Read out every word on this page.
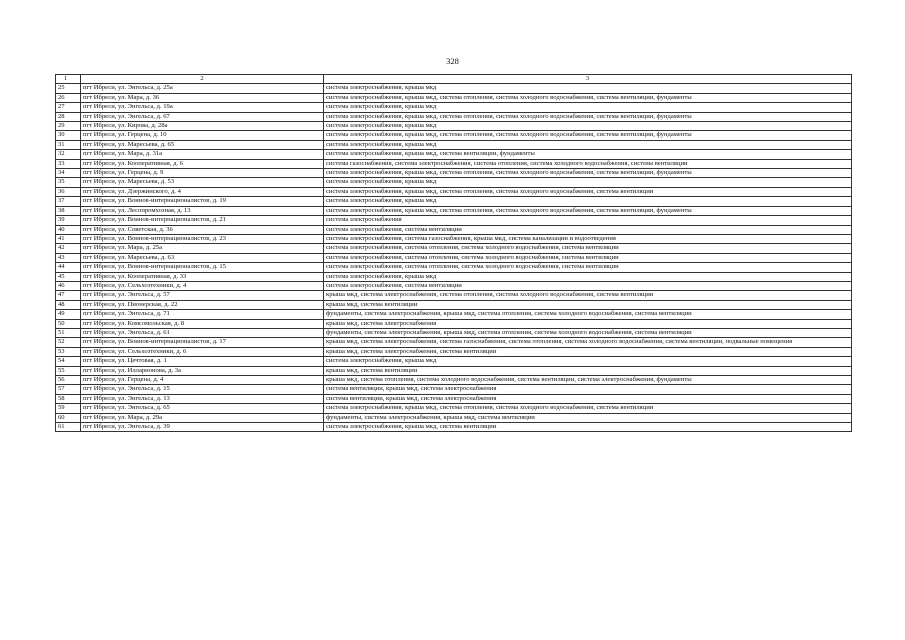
328
1	2	3
25	пгт Ибреси, ул. Энгельса, д. 25а	система электроснабжения, крыша мкд
26	пгт Ибреси, ул. Мара, д. 36	система электроснабжения, крыша мкд, система отопления, система холодного водоснабжения, система вентиляции, фундаменты
27	пгт Ибреси, ул. Энгельса, д. 19а	система электроснабжения, крыша мкд
28	пгт Ибреси, ул. Энгельса, д. 67	система электроснабжения, крыша мкд, система отопления, система холодного водоснабжения, система вентиляции, фундаменты
29	пгт Ибреси, ул. Кирова, д. 28а	система электроснабжения, крыша мкд
30	пгт Ибреси, ул. Герцена, д. 10	система электроснабжения, крыша мкд, система отопления, система холодного водоснабжения, система вентиляции, фундаменты
31	пгт Ибреси, ул. Маресьева, д. 65	система электроснабжения, крыша мкд
32	пгт Ибреси, ул. Мара, д. 31а	система электроснабжения, крыша мкд, система вентиляции, фундаменты
33	пгт Ибреси, ул. Кооперативная, д. 6	система газоснабжения, система электроснабжения, система отопления, система холодного водоснабжения, система вентиляции
34	пгт Ибреси, ул. Герцена, д. 9	система электроснабжения, крыша мкд, система отопления, система холодного водоснабжения, система вентиляции, фундаменты
35	пгт Ибреси, ул. Маресьева, д. 53	система электроснабжения, крыша мкд
36	пгт Ибреси, ул. Дзержинского, д. 4	система электроснабжения, крыша мкд, система отопления, система холодного водоснабжения, система вентиляции
37	пгт Ибреси, ул. Воинов-интернационалистов, д. 19	система электроснабжения, крыша мкд
38	пгт Ибреси, ул. Лесопромхозная, д. 13	система электроснабжения, крыша мкд, система отопления, система холодного водоснабжения, система вентиляции, фундаменты
39	пгт Ибреси, ул. Воинов-интернационалистов, д. 21	система электроснабжения
40	пгт Ибреси, ул. Советская, д. 36	система электроснабжения, система вентиляции
41	пгт Ибреси, ул. Воинов-интернационалистов, д. 23	система электроснабжения, система газоснабжения, крыша мкд, система канализации и водоотведения
42	пгт Ибреси, ул. Мара, д. 25а	система электроснабжения, система отопления, система холодного водоснабжения, система вентиляции
43	пгт Ибреси, ул. Маресьева, д. 63	система электроснабжения, система отопления, система холодного водоснабжения, система вентиляции
44	пгт Ибреси, ул. Воинов-интернационалистов, д. 15	система электроснабжения, система отопления, система холодного водоснабжения, система вентиляции
45	пгт Ибреси, ул. Кооперативная, д. 33	система электроснабжения, крыша мкд
46	пгт Ибреси, ул. Сельхозтехники, д. 4	система электроснабжения, система вентиляции
47	пгт Ибреси, ул. Энгельса, д. 57	крыша мкд, система электроснабжения, система отопления, система холодного водоснабжения, система вентиляции
48	пгт Ибреси, ул. Пионерская, д. 22	крыша мкд, система вентиляции
49	пгт Ибреси, ул. Энгельса, д. 71	фундаменты, система электроснабжения, крыша мкд, система отопления, система холодного водоснабжения, система вентиляции
50	пгт Ибреси, ул. Комсомольская, д. 8	крыша мкд, система электроснабжения
51	пгт Ибреси, ул. Энгельса, д. 61	фундаменты, система электроснабжения, крыша мкд, система отопления, система холодного водоснабжения, система вентиляции
52	пгт Ибреси, ул. Воинов-интернационалистов, д. 17	крыша мкд, система электроснабжения, система газоснабжения, система отопления, система холодного водоснабжения, система вентиляции, подвальные помещения
53	пгт Ибреси, ул. Сельхозтехники, д. 6	крыша мкд, система электроснабжения, система вентиляции
54	пгт Ибреси, ул. Цечтовая, д. 1	система электроснабжения, крыша мкд
55	пгт Ибреси, ул. Илларионова, д. 3а	крыша мкд, система вентиляции
56	пгт Ибреси, ул. Герцена, д. 4	крыша мкд, система отопления, система холодного водоснабжения, система вентиляции, система электроснабжения, фундаменты
57	пгт Ибреси, ул. Энгельса, д. 15	система вентиляции, крыша мкд, система электроснабжения
58	пгт Ибреси, ул. Энгельса, д. 13	система вентиляции, крыша мкд, система электроснабжения
59	пгт Ибреси, ул. Энгельса, д. 65	система электроснабжения, крыша мкд, система отопления, система холодного водоснабжения, система вентиляции
60	пгт Ибреси, ул. Мара, д. 29а	фундаменты, система электроснабжения, крыша мкд, система вентиляции
61	пгт Ибреси, ул. Энгельса, д. 39	система электроснабжения, крыша мкд, система вентиляции
